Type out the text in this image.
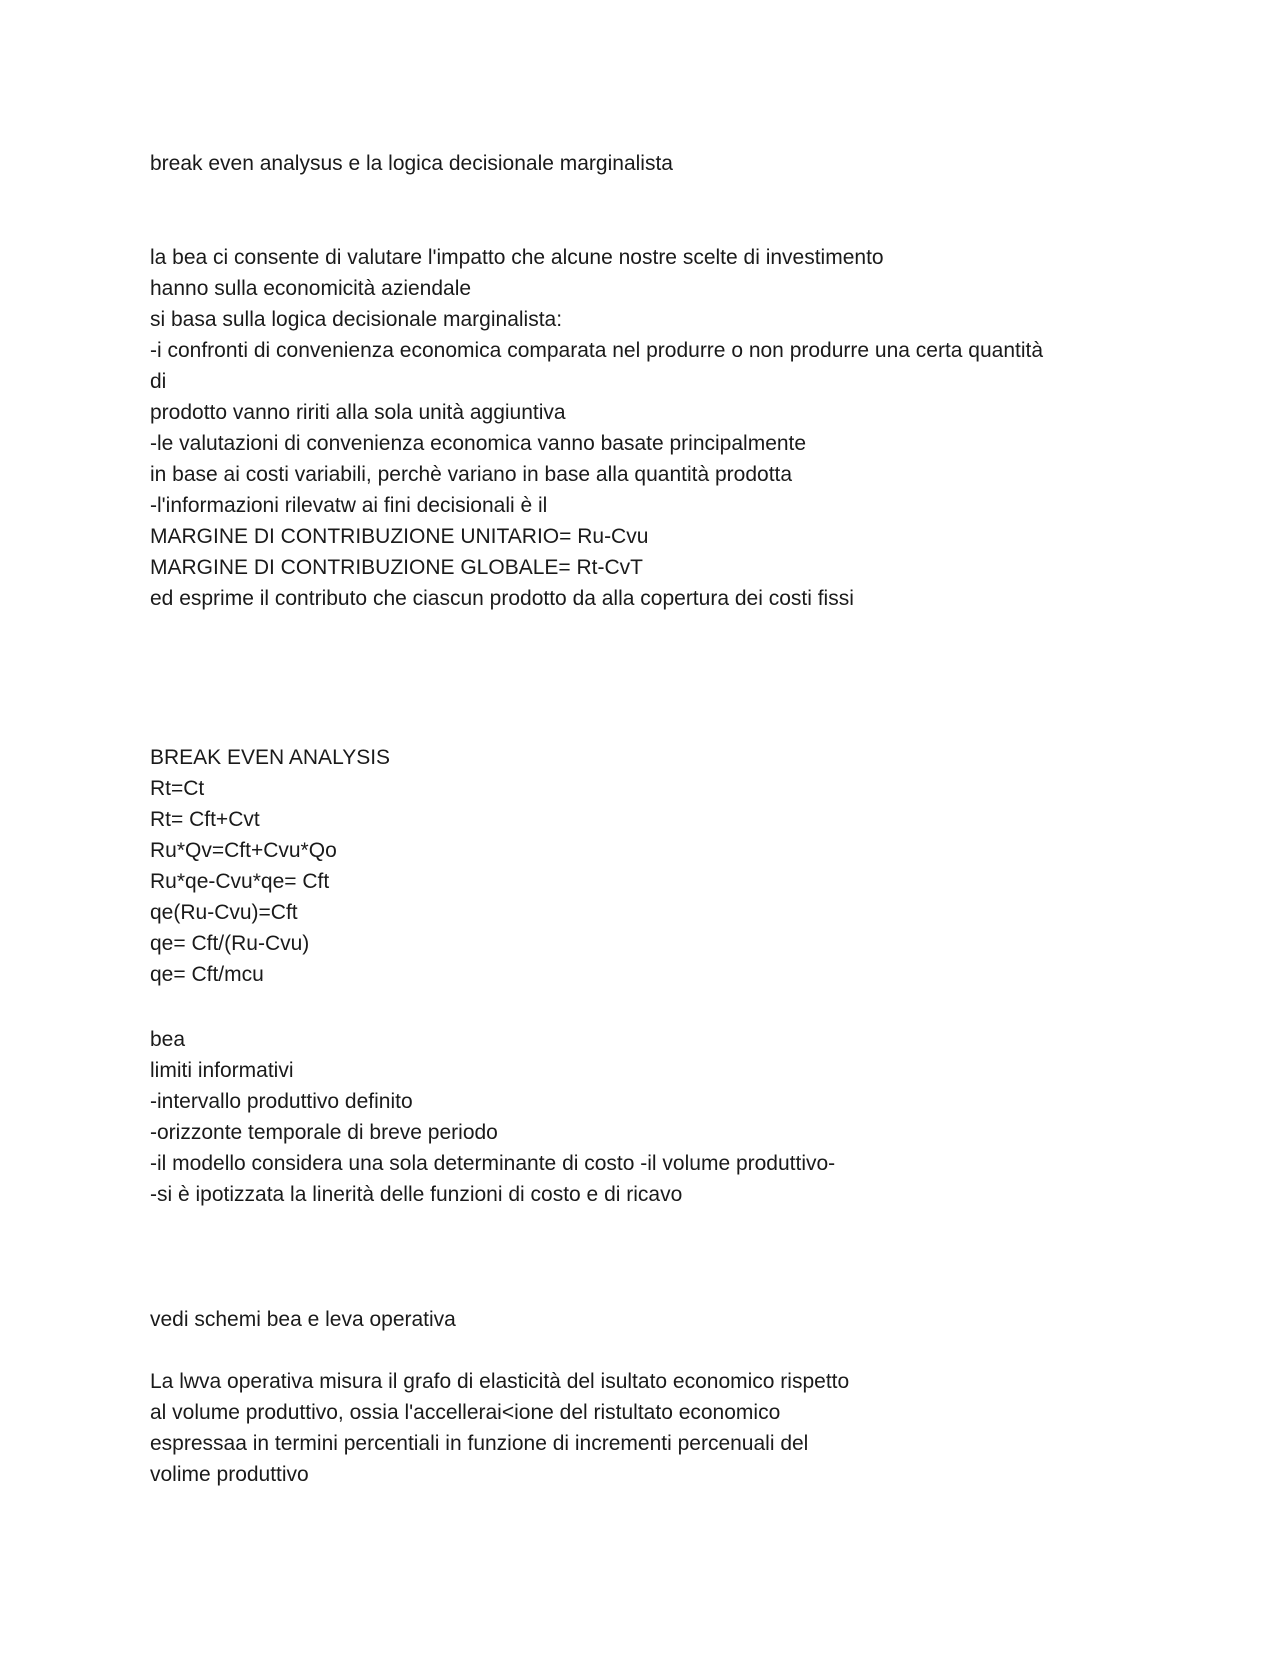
break even analysus e la logica decisionale marginalista
la bea ci consente di valutare l'impatto che alcune nostre scelte di investimento
hanno sulla economicità aziendale
si basa sulla logica decisionale marginalista:
-i confronti di convenienza economica comparata nel produrre o non produrre una certa quantità
di
prodotto vanno ririti alla sola unità aggiuntiva
-le valutazioni di convenienza economica vanno basate principalmente
in base ai costi variabili, perchè variano in base alla quantità prodotta
-l'informazioni rilevatw ai fini decisionali è il
MARGINE DI CONTRIBUZIONE UNITARIO= Ru-Cvu
MARGINE DI CONTRIBUZIONE GLOBALE= Rt-CvT
ed esprime il contributo che ciascun prodotto da alla copertura dei costi fissi
BREAK EVEN ANALYSIS
Rt=Ct
Rt= Cft+Cvt
Ru*Qv=Cft+Cvu*Qo
Ru*qe-Cvu*qe= Cft
qe(Ru-Cvu)=Cft
qe= Cft/(Ru-Cvu)
qe= Cft/mcu
bea
limiti informativi
-intervallo produttivo definito
-orizzonte temporale di breve periodo
-il modello considera una sola determinante di costo -il volume produttivo-
-si è ipotizzata la linerità delle funzioni di costo e di ricavo
vedi schemi bea e leva operativa
La lwva operativa misura il grafo di elasticità del isultato economico rispetto
al volume produttivo, ossia l'accellerai<ione del ristultato economico
espressaa in termini percentiali in funzione di incrementi percenuali del
volime produttivo
